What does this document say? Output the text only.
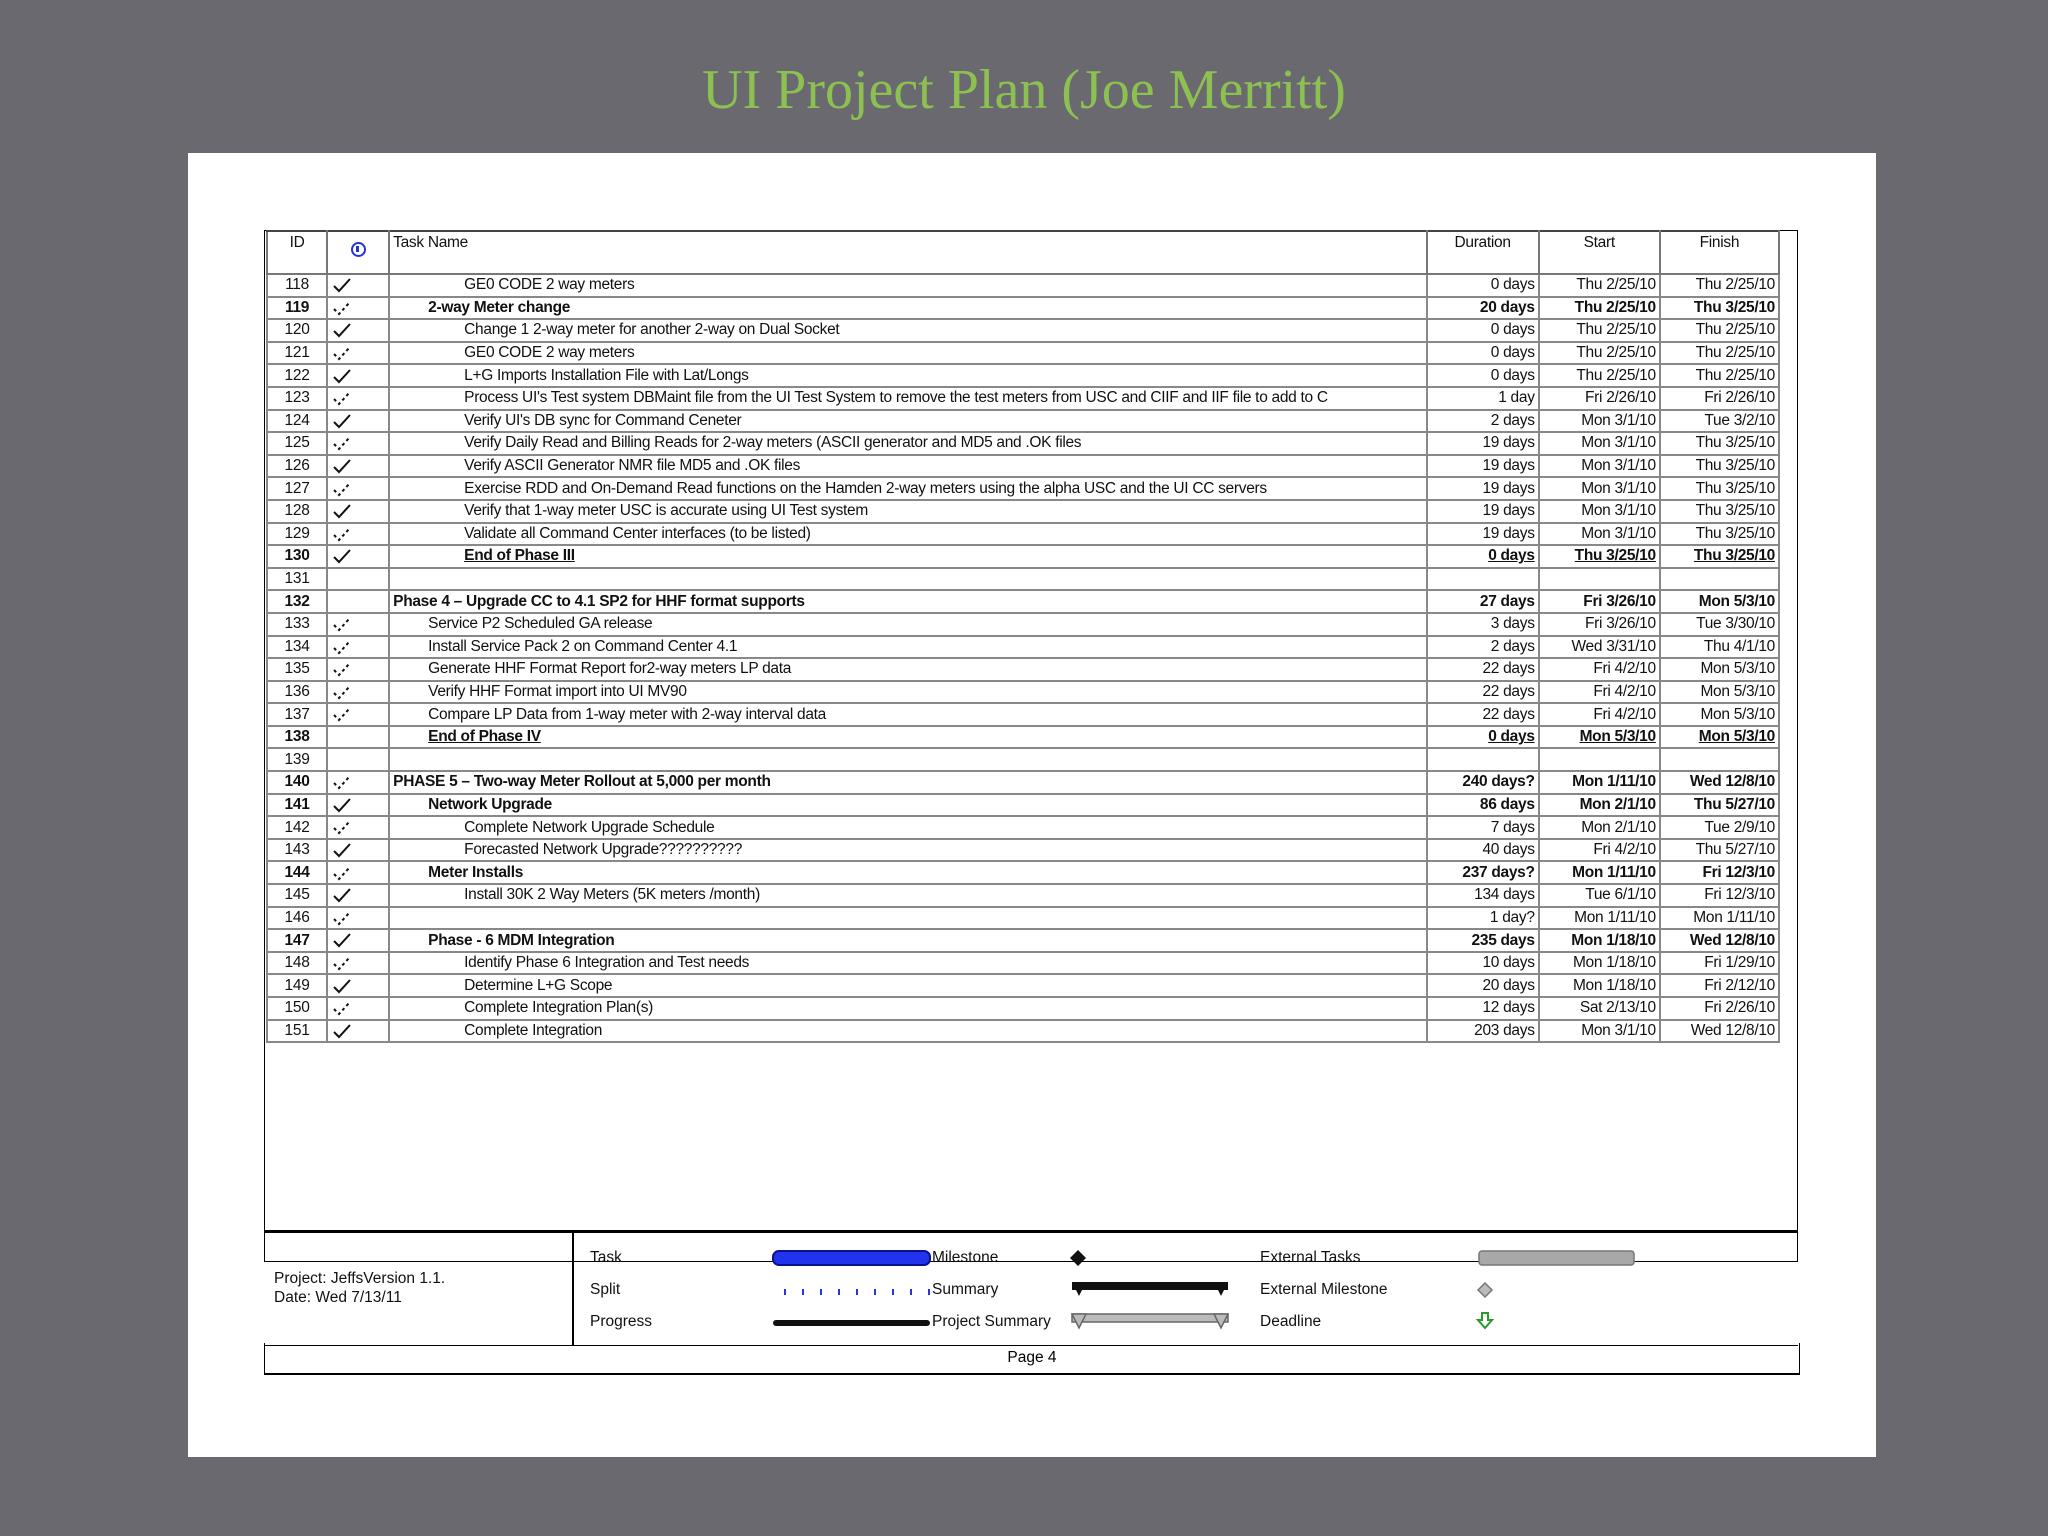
UI Project Plan (Joe Merritt)
ID		Task Name	Duration	Start	Finish
118		GE0 CODE 2 way meters	0 days	Thu 2/25/10	Thu 2/25/10
119		2-way Meter change	20 days	Thu 2/25/10	Thu 3/25/10
120		Change 1 2-way meter for another 2-way on Dual Socket	0 days	Thu 2/25/10	Thu 2/25/10
121		GE0 CODE 2 way meters	0 days	Thu 2/25/10	Thu 2/25/10
122		L+G Imports Installation File with Lat/Longs	0 days	Thu 2/25/10	Thu 2/25/10
123		Process UI's Test system DBMaint file from the UI Test System to remove the test meters from USC and CIIF and IIF file to add to C	1 day	Fri 2/26/10	Fri 2/26/10
124		Verify UI's DB sync for Command Ceneter	2 days	Mon 3/1/10	Tue 3/2/10
125		Verify Daily Read and Billing Reads for 2-way meters (ASCII generator and MD5 and .OK files	19 days	Mon 3/1/10	Thu 3/25/10
126		Verify ASCII Generator NMR file MD5 and .OK files	19 days	Mon 3/1/10	Thu 3/25/10
127		Exercise RDD and On-Demand Read functions on the Hamden 2-way meters using the alpha USC and the UI CC servers	19 days	Mon 3/1/10	Thu 3/25/10
128		Verify that 1-way meter USC is accurate using UI Test system	19 days	Mon 3/1/10	Thu 3/25/10
129		Validate all Command Center interfaces (to be listed)	19 days	Mon 3/1/10	Thu 3/25/10
130		End of Phase III	0 days	Thu 3/25/10	Thu 3/25/10
131					
132		Phase 4 – Upgrade CC to 4.1 SP2 for HHF format supports	27 days	Fri 3/26/10	Mon 5/3/10
133		Service P2 Scheduled GA release	3 days	Fri 3/26/10	Tue 3/30/10
134		Install Service Pack 2 on Command Center 4.1	2 days	Wed 3/31/10	Thu 4/1/10
135		Generate HHF Format Report for2-way meters LP data	22 days	Fri 4/2/10	Mon 5/3/10
136		Verify HHF Format import into UI MV90	22 days	Fri 4/2/10	Mon 5/3/10
137		Compare LP Data from 1-way meter with 2-way interval data	22 days	Fri 4/2/10	Mon 5/3/10
138		End of Phase IV	0 days	Mon 5/3/10	Mon 5/3/10
139					
140		PHASE 5 – Two-way Meter Rollout at 5,000 per month	240 days?	Mon 1/11/10	Wed 12/8/10
141		Network Upgrade	86 days	Mon 2/1/10	Thu 5/27/10
142		Complete Network Upgrade Schedule	7 days	Mon 2/1/10	Tue 2/9/10
143		Forecasted Network Upgrade??????????	40 days	Fri 4/2/10	Thu 5/27/10
144		Meter Installs	237 days?	Mon 1/11/10	Fri 12/3/10
145		Install 30K 2 Way Meters (5K meters /month)	134 days	Tue 6/1/10	Fri 12/3/10
146			1 day?	Mon 1/11/10	Mon 1/11/10
147		Phase - 6 MDM Integration	235 days	Mon 1/18/10	Wed 12/8/10
148		Identify Phase 6 Integration and Test needs	10 days	Mon 1/18/10	Fri 1/29/10
149		Determine L+G Scope	20 days	Mon 1/18/10	Fri 2/12/10
150		Complete Integration Plan(s)	12 days	Sat 2/13/10	Fri 2/26/10
151		Complete Integration	203 days	Mon 3/1/10	Wed 12/8/10
Project: JeffsVersion 1.1.
Date: Wed 7/13/11
Task
Split
Progress
Milestone
Summary
Project Summary
External Tasks
External Milestone
Deadline
Page 4
